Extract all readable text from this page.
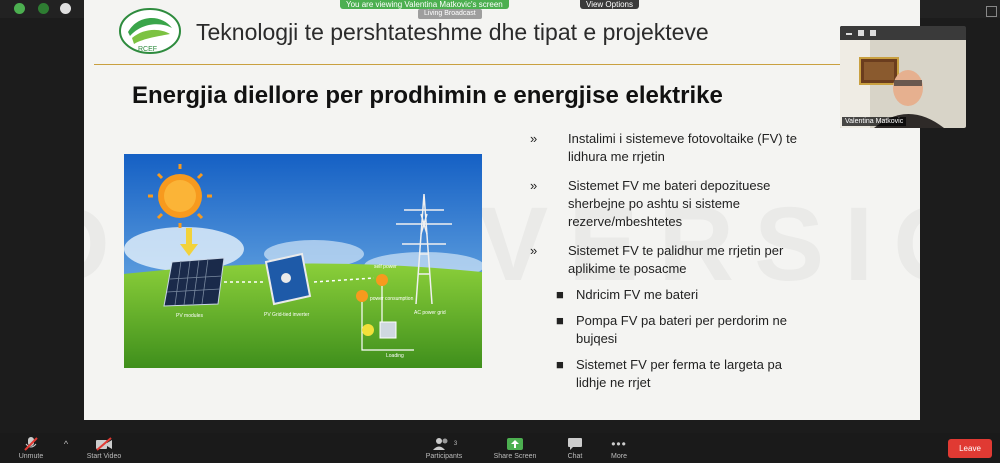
RCEF
Teknologji te pershtateshme dhe tipat e projekteve
Energjia diellore per prodhimin e energjise elektrike
PV modules	PV Grid-tied inverter	AC power grid
self power
power consumption
Loading
» Instalimi i sistemeve fotovoltaike (FV) te lidhura me rrjetin
» Sistemet FV me bateri depozituese sherbejne po ashtu si sisteme rezerve/mbeshtetes
» Sistemet FV te palidhur me rrjetin per aplikime te posacme
■ Ndricim FV me bateri
■ Pompa FV pa bateri per perdorim ne bujqesi
■ Sistemet FV per ferma te largeta pa lidhje ne rrjet
You are viewing Valentina Matkovic's screen	View Options
Living Broadcast
Valentina Matkovic
Unmute
^
Start Video
3
Participants	Share Screen	Chat
•••
More
Leave
